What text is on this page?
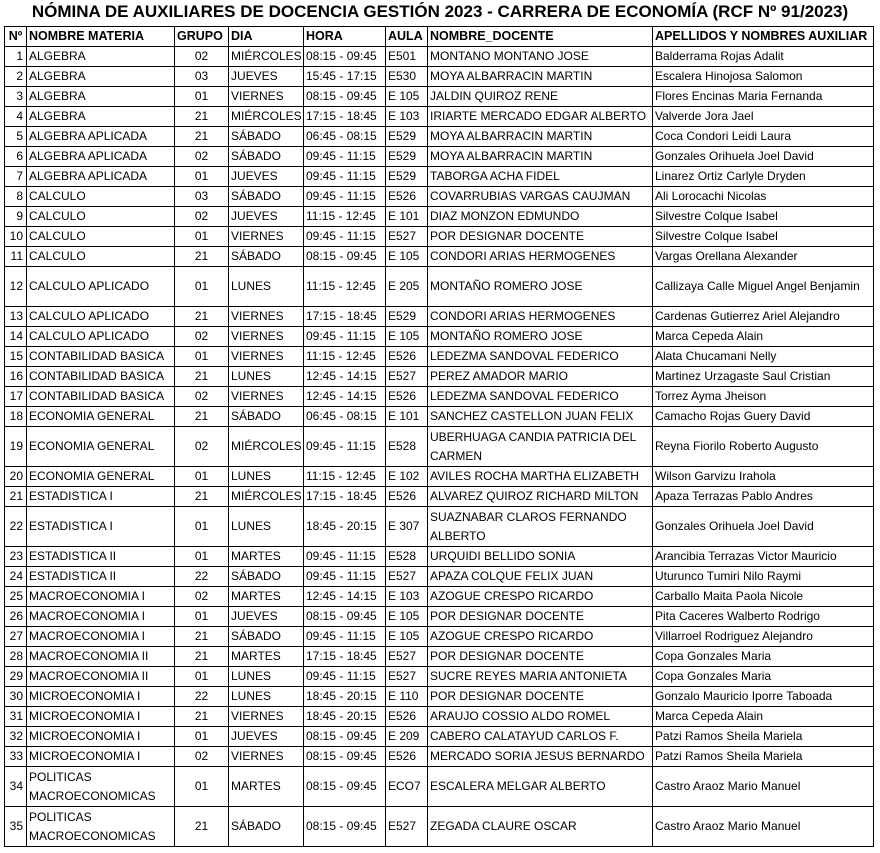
NÓMINA DE AUXILIARES DE DOCENCIA GESTIÓN 2023 - CARRERA DE ECONOMÍA (RCF Nº 91/2023)
Nº	NOMBRE MATERIA	GRUPO	DIA	HORA	AULA	NOMBRE_DOCENTE	APELLIDOS Y NOMBRES AUXILIAR
1	ALGEBRA	02	MIÉRCOLES	08:15 - 09:45	E501	MONTANO MONTANO JOSE	Balderrama Rojas Adalit
2	ALGEBRA	03	JUEVES	15:45 - 17:15	E530	MOYA ALBARRACIN MARTIN	Escalera Hinojosa Salomon
3	ALGEBRA	01	VIERNES	08:15 - 09:45	E 105	JALDIN QUIROZ RENE	Flores Encinas Maria Fernanda
4	ALGEBRA	21	MIÉRCOLES	17:15 - 18:45	E 103	IRIARTE MERCADO EDGAR ALBERTO	Valverde Jora Jael
5	ALGEBRA APLICADA	21	SÁBADO	06:45 - 08:15	E529	MOYA ALBARRACIN MARTIN	Coca Condori Leidi Laura
6	ALGEBRA APLICADA	02	SÁBADO	09:45 - 11:15	E529	MOYA ALBARRACIN MARTIN	Gonzales Orihuela Joel David
7	ALGEBRA APLICADA	01	JUEVES	09:45 - 11:15	E529	TABORGA ACHA FIDEL	Linarez Ortiz Carlyle Dryden
8	CALCULO	03	SÁBADO	09:45 - 11:15	E526	COVARRUBIAS VARGAS CAUJMAN	Ali Lorocachi Nicolas
9	CALCULO	02	JUEVES	11:15 - 12:45	E 101	DIAZ MONZON EDMUNDO	Silvestre Colque Isabel
10	CALCULO	01	VIERNES	09:45 - 11:15	E527	POR DESIGNAR DOCENTE	Silvestre Colque Isabel
11	CALCULO	21	SÁBADO	08:15 - 09:45	E 105	CONDORI ARIAS HERMOGENES	Vargas Orellana Alexander
12	CALCULO APLICADO	01	LUNES	11:15 - 12:45	E 205	MONTAÑO ROMERO JOSE	Callizaya Calle Miguel Angel Benjamin
13	CALCULO APLICADO	21	VIERNES	17:15 - 18:45	E529	CONDORI ARIAS HERMOGENES	Cardenas Gutierrez Ariel Alejandro
14	CALCULO APLICADO	02	VIERNES	09:45 - 11:15	E 105	MONTAÑO ROMERO JOSE	Marca Cepeda Alain
15	CONTABILIDAD BASICA	01	VIERNES	11:15 - 12:45	E526	LEDEZMA SANDOVAL FEDERICO	Alata Chucamani Nelly
16	CONTABILIDAD BASICA	21	LUNES	12:45 - 14:15	E527	PEREZ AMADOR MARIO	Martinez Urzagaste Saul Cristian
17	CONTABILIDAD BASICA	02	VIERNES	12:45 - 14:15	E526	LEDEZMA SANDOVAL FEDERICO	Torrez Ayma Jheison
18	ECONOMIA GENERAL	21	SÁBADO	06:45 - 08:15	E 101	SANCHEZ CASTELLON JUAN FELIX	Camacho Rojas Guery David
19	ECONOMIA GENERAL	02	MIÉRCOLES	09:45 - 11:15	E528	UBERHUAGA CANDIA PATRICIA DEL CARMEN	Reyna Fiorilo Roberto Augusto
20	ECONOMIA GENERAL	01	LUNES	11:15 - 12:45	E 102	AVILES ROCHA MARTHA ELIZABETH	Wilson Garvizu Irahola
21	ESTADISTICA I	21	MIÉRCOLES	17:15 - 18:45	E526	ALVAREZ QUIROZ RICHARD MILTON	Apaza Terrazas Pablo Andres
22	ESTADISTICA I	01	LUNES	18:45 - 20:15	E 307	SUAZNABAR CLAROS FERNANDO ALBERTO	Gonzales Orihuela Joel David
23	ESTADISTICA II	01	MARTES	09:45 - 11:15	E528	URQUIDI BELLIDO SONIA	Arancibia Terrazas Victor Mauricio
24	ESTADISTICA II	22	SÁBADO	09:45 - 11:15	E527	APAZA COLQUE FELIX JUAN	Uturunco Tumiri Nilo Raymi
25	MACROECONOMIA I	02	MARTES	12:45 - 14:15	E 103	AZOGUE CRESPO RICARDO	Carballo Maita Paola Nicole
26	MACROECONOMIA I	01	JUEVES	08:15 - 09:45	E 105	POR DESIGNAR DOCENTE	Pita Caceres Walberto Rodrigo
27	MACROECONOMIA I	21	SÁBADO	09:45 - 11:15	E 105	AZOGUE CRESPO RICARDO	Villarroel Rodriguez Alejandro
28	MACROECONOMIA II	21	MARTES	17:15 - 18:45	E527	POR DESIGNAR DOCENTE	Copa Gonzales Maria
29	MACROECONOMIA II	01	LUNES	09:45 - 11:15	E527	SUCRE REYES MARIA ANTONIETA	Copa Gonzales Maria
30	MICROECONOMIA I	22	LUNES	18:45 - 20:15	E 110	POR DESIGNAR DOCENTE	Gonzalo Mauricio Iporre Taboada
31	MICROECONOMIA I	21	VIERNES	18:45 - 20:15	E526	ARAUJO COSSIO ALDO ROMEL	Marca Cepeda Alain
32	MICROECONOMIA I	01	JUEVES	08:15 - 09:45	E 209	CABERO CALATAYUD CARLOS F.	Patzi Ramos Sheila Mariela
33	MICROECONOMIA I	02	VIERNES	08:15 - 09:45	E526	MERCADO SORIA JESUS BERNARDO	Patzi Ramos Sheila Mariela
34	POLITICAS MACROECONOMICAS	01	MARTES	08:15 - 09:45	ECO7	ESCALERA MELGAR ALBERTO	Castro Araoz Mario Manuel
35	POLITICAS MACROECONOMICAS	21	SÁBADO	08:15 - 09:45	E527	ZEGADA CLAURE OSCAR	Castro Araoz Mario Manuel
